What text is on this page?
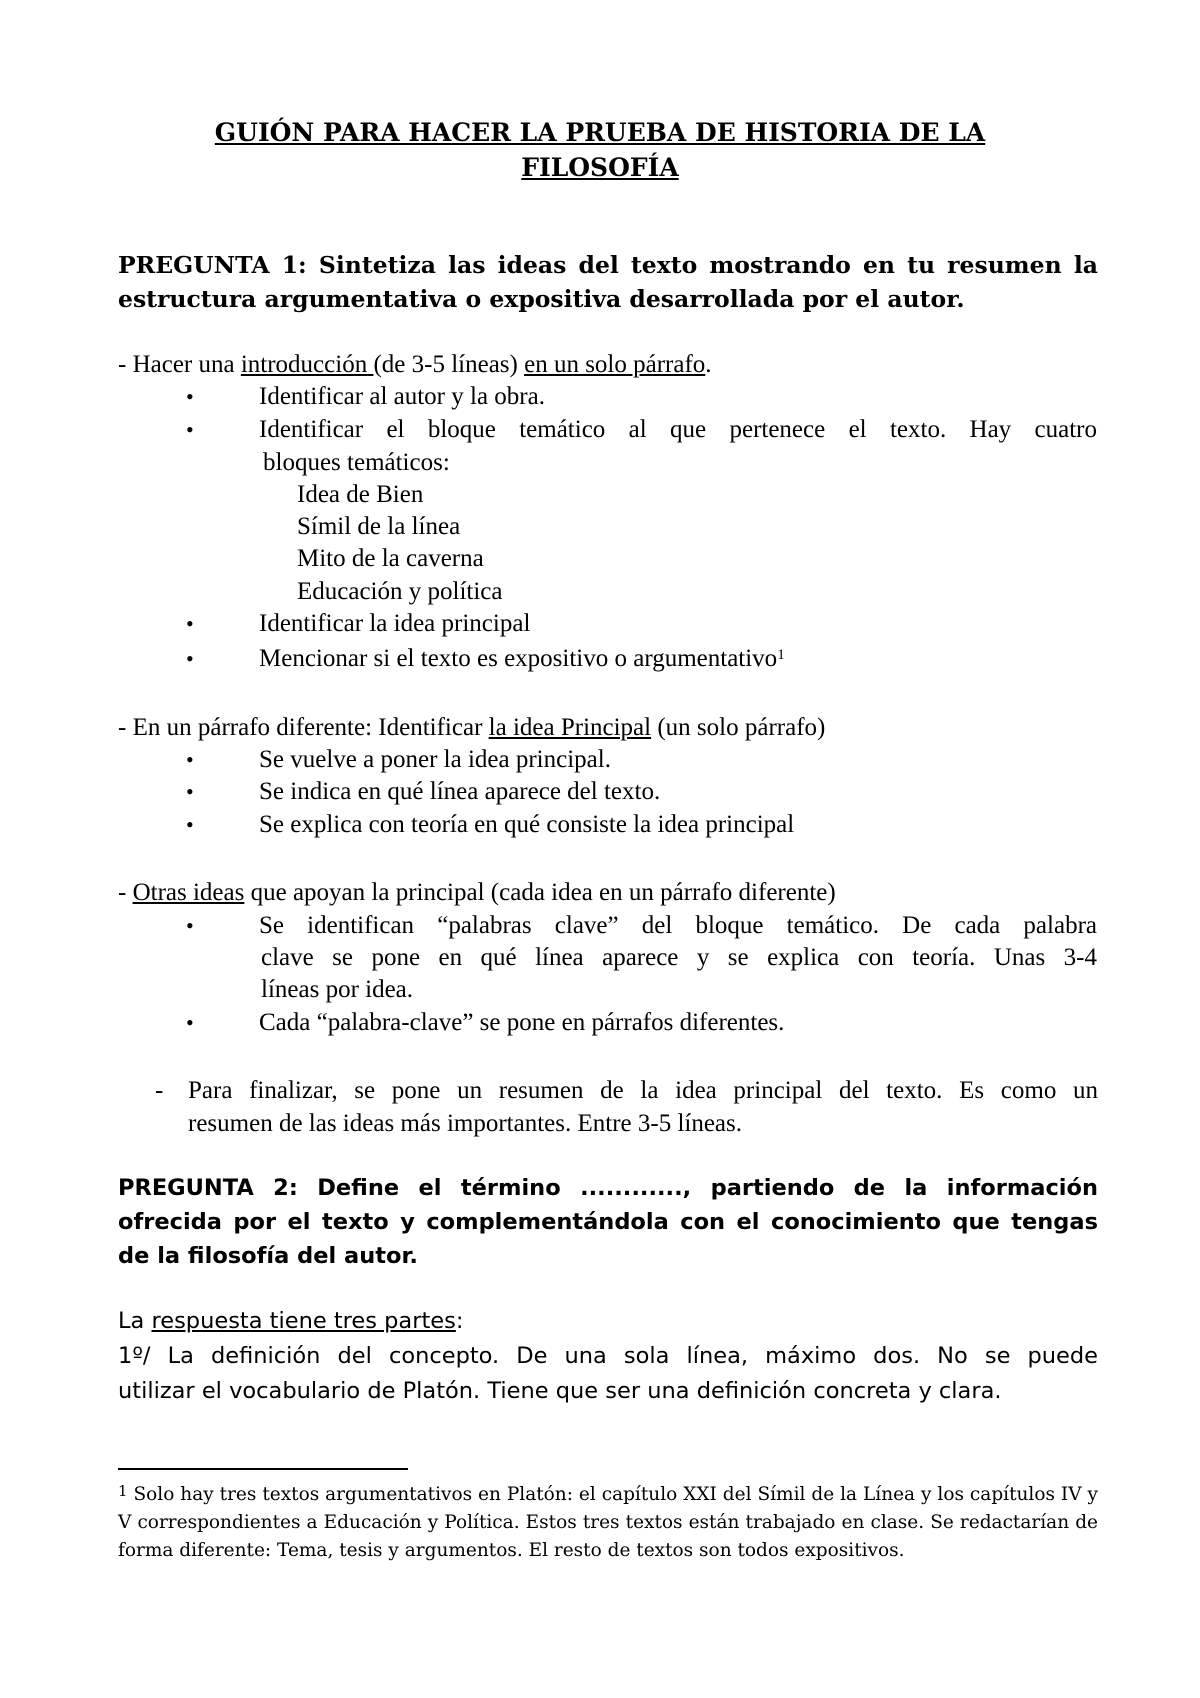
GUIÓN PARA HACER LA PRUEBA DE HISTORIA DE LA
FILOSOFÍA
PREGUNTA 1: Sintetiza las ideas del texto mostrando en tu resumen la estructura argumentativa o expositiva desarrollada por el autor.
- Hacer una introducción (de 3-5 líneas) en un solo párrafo.
•	Identificar al autor y la obra.
•	Identificar el bloque temático al que pertenece el texto. Hay cuatro
bloques temáticos:
Idea de Bien
Símil de la línea
Mito de la caverna
Educación y política
•	Identificar la idea principal
•	Mencionar si el texto es expositivo o argumentativo$^1$
- En un párrafo diferente: Identificar la idea Principal (un solo párrafo)
•	Se vuelve a poner la idea principal.
•	Se indica en qué línea aparece del texto.
•	Se explica con teoría en qué consiste la idea principal
- Otras ideas que apoyan la principal (cada idea en un párrafo diferente)
•	Se identifican “palabras clave” del bloque temático. De cada palabra
clave se pone en qué línea aparece y se explica con teoría. Unas 3-4
líneas por idea.
•	Cada “palabra-clave” se pone en párrafos diferentes.
- Para finalizar, se pone un resumen de la idea principal del texto. Es como un
resumen de las ideas más importantes. Entre 3-5 líneas.
PREGUNTA 2: Define el término ............, partiendo de la información ofrecida por el texto y complementándola con el conocimiento que tengas de la filosofía del autor.
La respuesta tiene tres partes:
1º/ La definición del concepto. De una sola línea, máximo dos. No se puede
utilizar el vocabulario de Platón. Tiene que ser una definición concreta y clara.
$^1$ Solo hay tres textos argumentativos en Platón: el capítulo XXI del Símil de la Línea y los capítulos IV y V correspondientes a Educación y Política. Estos tres textos están trabajado en clase. Se redactarían de forma diferente: Tema, tesis y argumentos. El resto de textos son todos expositivos.
